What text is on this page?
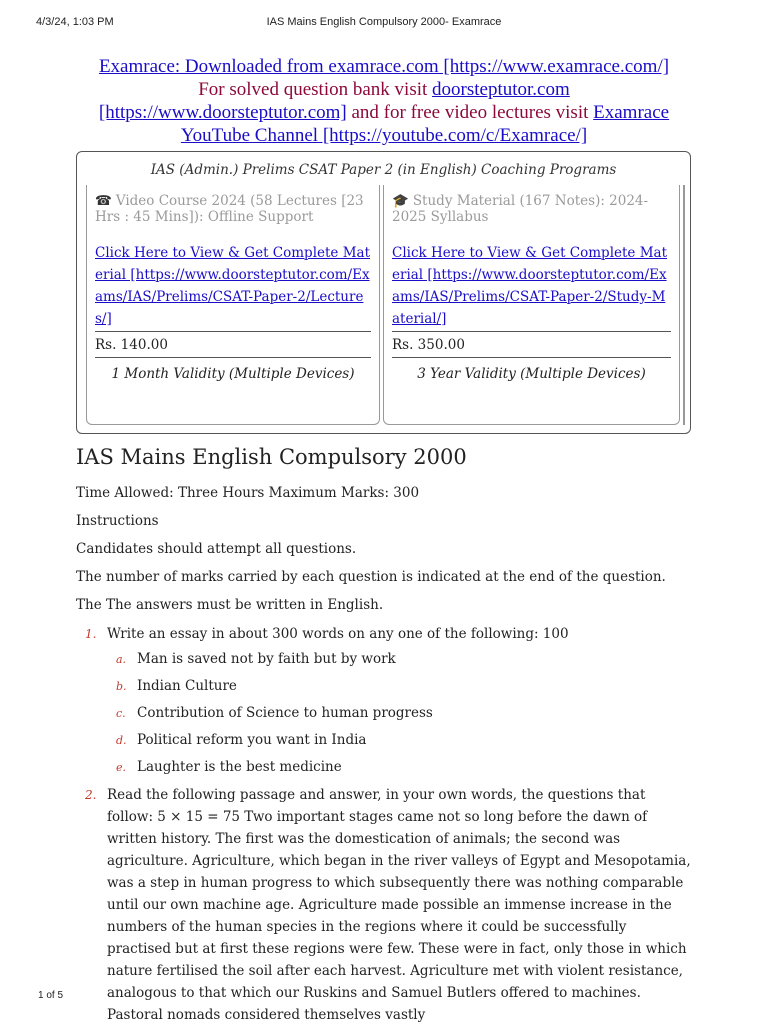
4/3/24, 1:03 PM	IAS Mains English Compulsory 2000- Examrace
Examrace: Downloaded from examrace.com [https://www.examrace.com/]
For solved question bank visit doorsteptutor.com
[https://www.doorsteptutor.com] and for free video lectures visit Examrace
YouTube Channel [https://youtube.com/c/Examrace/]
IAS (Admin.) Prelims CSAT Paper 2 (in English) Coaching Programs
☎ Video Course 2024 (58 Lectures [23 Hrs : 45 Mins]): Offline Support
Click Here to View & Get Complete Material [https://www.doorsteptutor.com/Exams/IAS/Prelims/CSAT-Paper-2/Lectures/]
Rs. 140.00
1 Month Validity (Multiple Devices)
🎓 Study Material (167 Notes): 2024-2025 Syllabus
Click Here to View & Get Complete Material [https://www.doorsteptutor.com/Exams/IAS/Prelims/CSAT-Paper-2/Study-Material/]
Rs. 350.00
3 Year Validity (Multiple Devices)
IAS Mains English Compulsory 2000

Time Allowed: Three Hours Maximum Marks: 300

Instructions

Candidates should attempt all questions.

The number of marks carried by each question is indicated at the end of the question.

The The answers must be written in English.

1. Write an essay in about 300 words on any one of the following: 100
a. Man is saved not by faith but by work
b. Indian Culture
c. Contribution of Science to human progress
d. Political reform you want in India
e. Laughter is the best medicine
2. Read the following passage and answer, in your own words, the questions that follow: 5 × 15 = 75 Two important stages came not so long before the dawn of written history. The first was the domestication of animals; the second was agriculture. Agriculture, which began in the river valleys of Egypt and Mesopotamia, was a step in human progress to which subsequently there was nothing comparable until our own machine age. Agriculture made possible an immense increase in the numbers of the human species in the regions where it could be successfully practised but at first these regions were few. These were in fact, only those in which nature fertilised the soil after each harvest. Agriculture met with violent resistance, analogous to that which our Ruskins and Samuel Butlers offered to machines. Pastoral nomads considered themselves vastly
1 of 5
